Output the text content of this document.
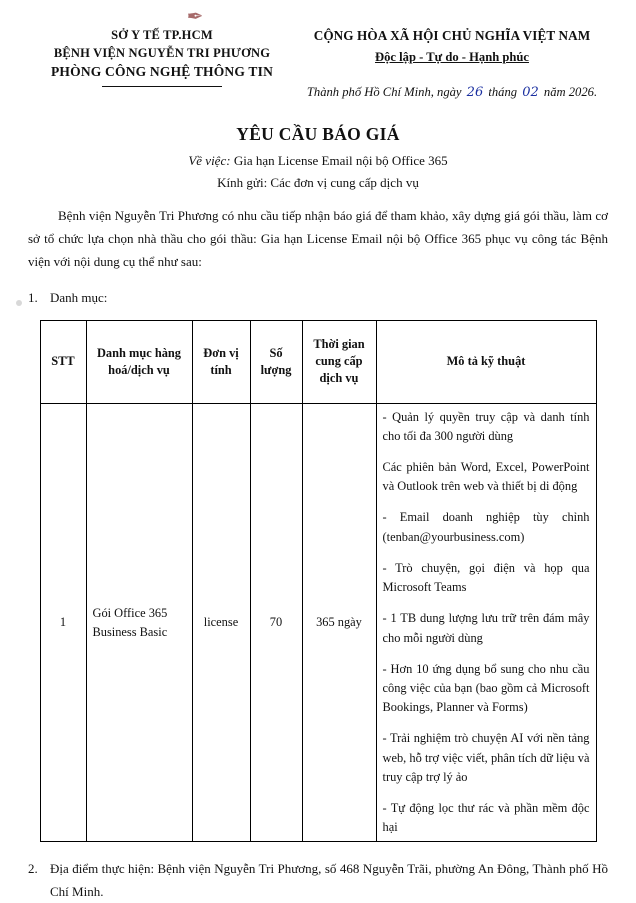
✒
SỞ Y TẾ TP.HCM
BỆNH VIỆN NGUYỄN TRI PHƯƠNG
PHÒNG CÔNG NGHỆ THÔNG TIN
CỘNG HÒA XÃ HỘI CHỦ NGHĨA VIỆT NAM
Độc lập - Tự do - Hạnh phúc
Thành phố Hồ Chí Minh, ngày 26 tháng 02 năm 2026.
YÊU CẦU BÁO GIÁ
Về việc: Gia hạn License Email nội bộ Office 365
Kính gửi: Các đơn vị cung cấp dịch vụ
Bệnh viện Nguyễn Tri Phương có nhu cầu tiếp nhận báo giá để tham khảo, xây dựng giá gói thầu, làm cơ sở tổ chức lựa chọn nhà thầu cho gói thầu: Gia hạn License Email nội bộ Office 365 phục vụ công tác Bệnh viện với nội dung cụ thể như sau:
1. Danh mục:
STT	Danh mục hàng hoá/dịch vụ	Đơn vị tính	Số lượng	Thời gian cung cấp dịch vụ	Mô tả kỹ thuật
1	Gói Office 365 Business Basic	license	70	365 ngày	

- Quản lý quyền truy cập và danh tính cho tối đa 300 người dùng

Các phiên bản Word, Excel, PowerPoint và Outlook trên web và thiết bị di động

- Email doanh nghiệp tùy chỉnh (tenban@yourbusiness.com)

- Trò chuyện, gọi điện và họp qua Microsoft Teams

- 1 TB dung lượng lưu trữ trên đám mây cho mỗi người dùng

- Hơn 10 ứng dụng bổ sung cho nhu cầu công việc của bạn (bao gồm cả Microsoft Bookings, Planner và Forms)

- Trải nghiệm trò chuyện AI với nền tảng web, hỗ trợ việc viết, phân tích dữ liệu và truy cập trợ lý ảo

- Tự động lọc thư rác và phần mềm độc hại

2. Địa điểm thực hiện: Bệnh viện Nguyễn Tri Phương, số 468 Nguyễn Trãi, phường An Đông, Thành phố Hồ Chí Minh.
